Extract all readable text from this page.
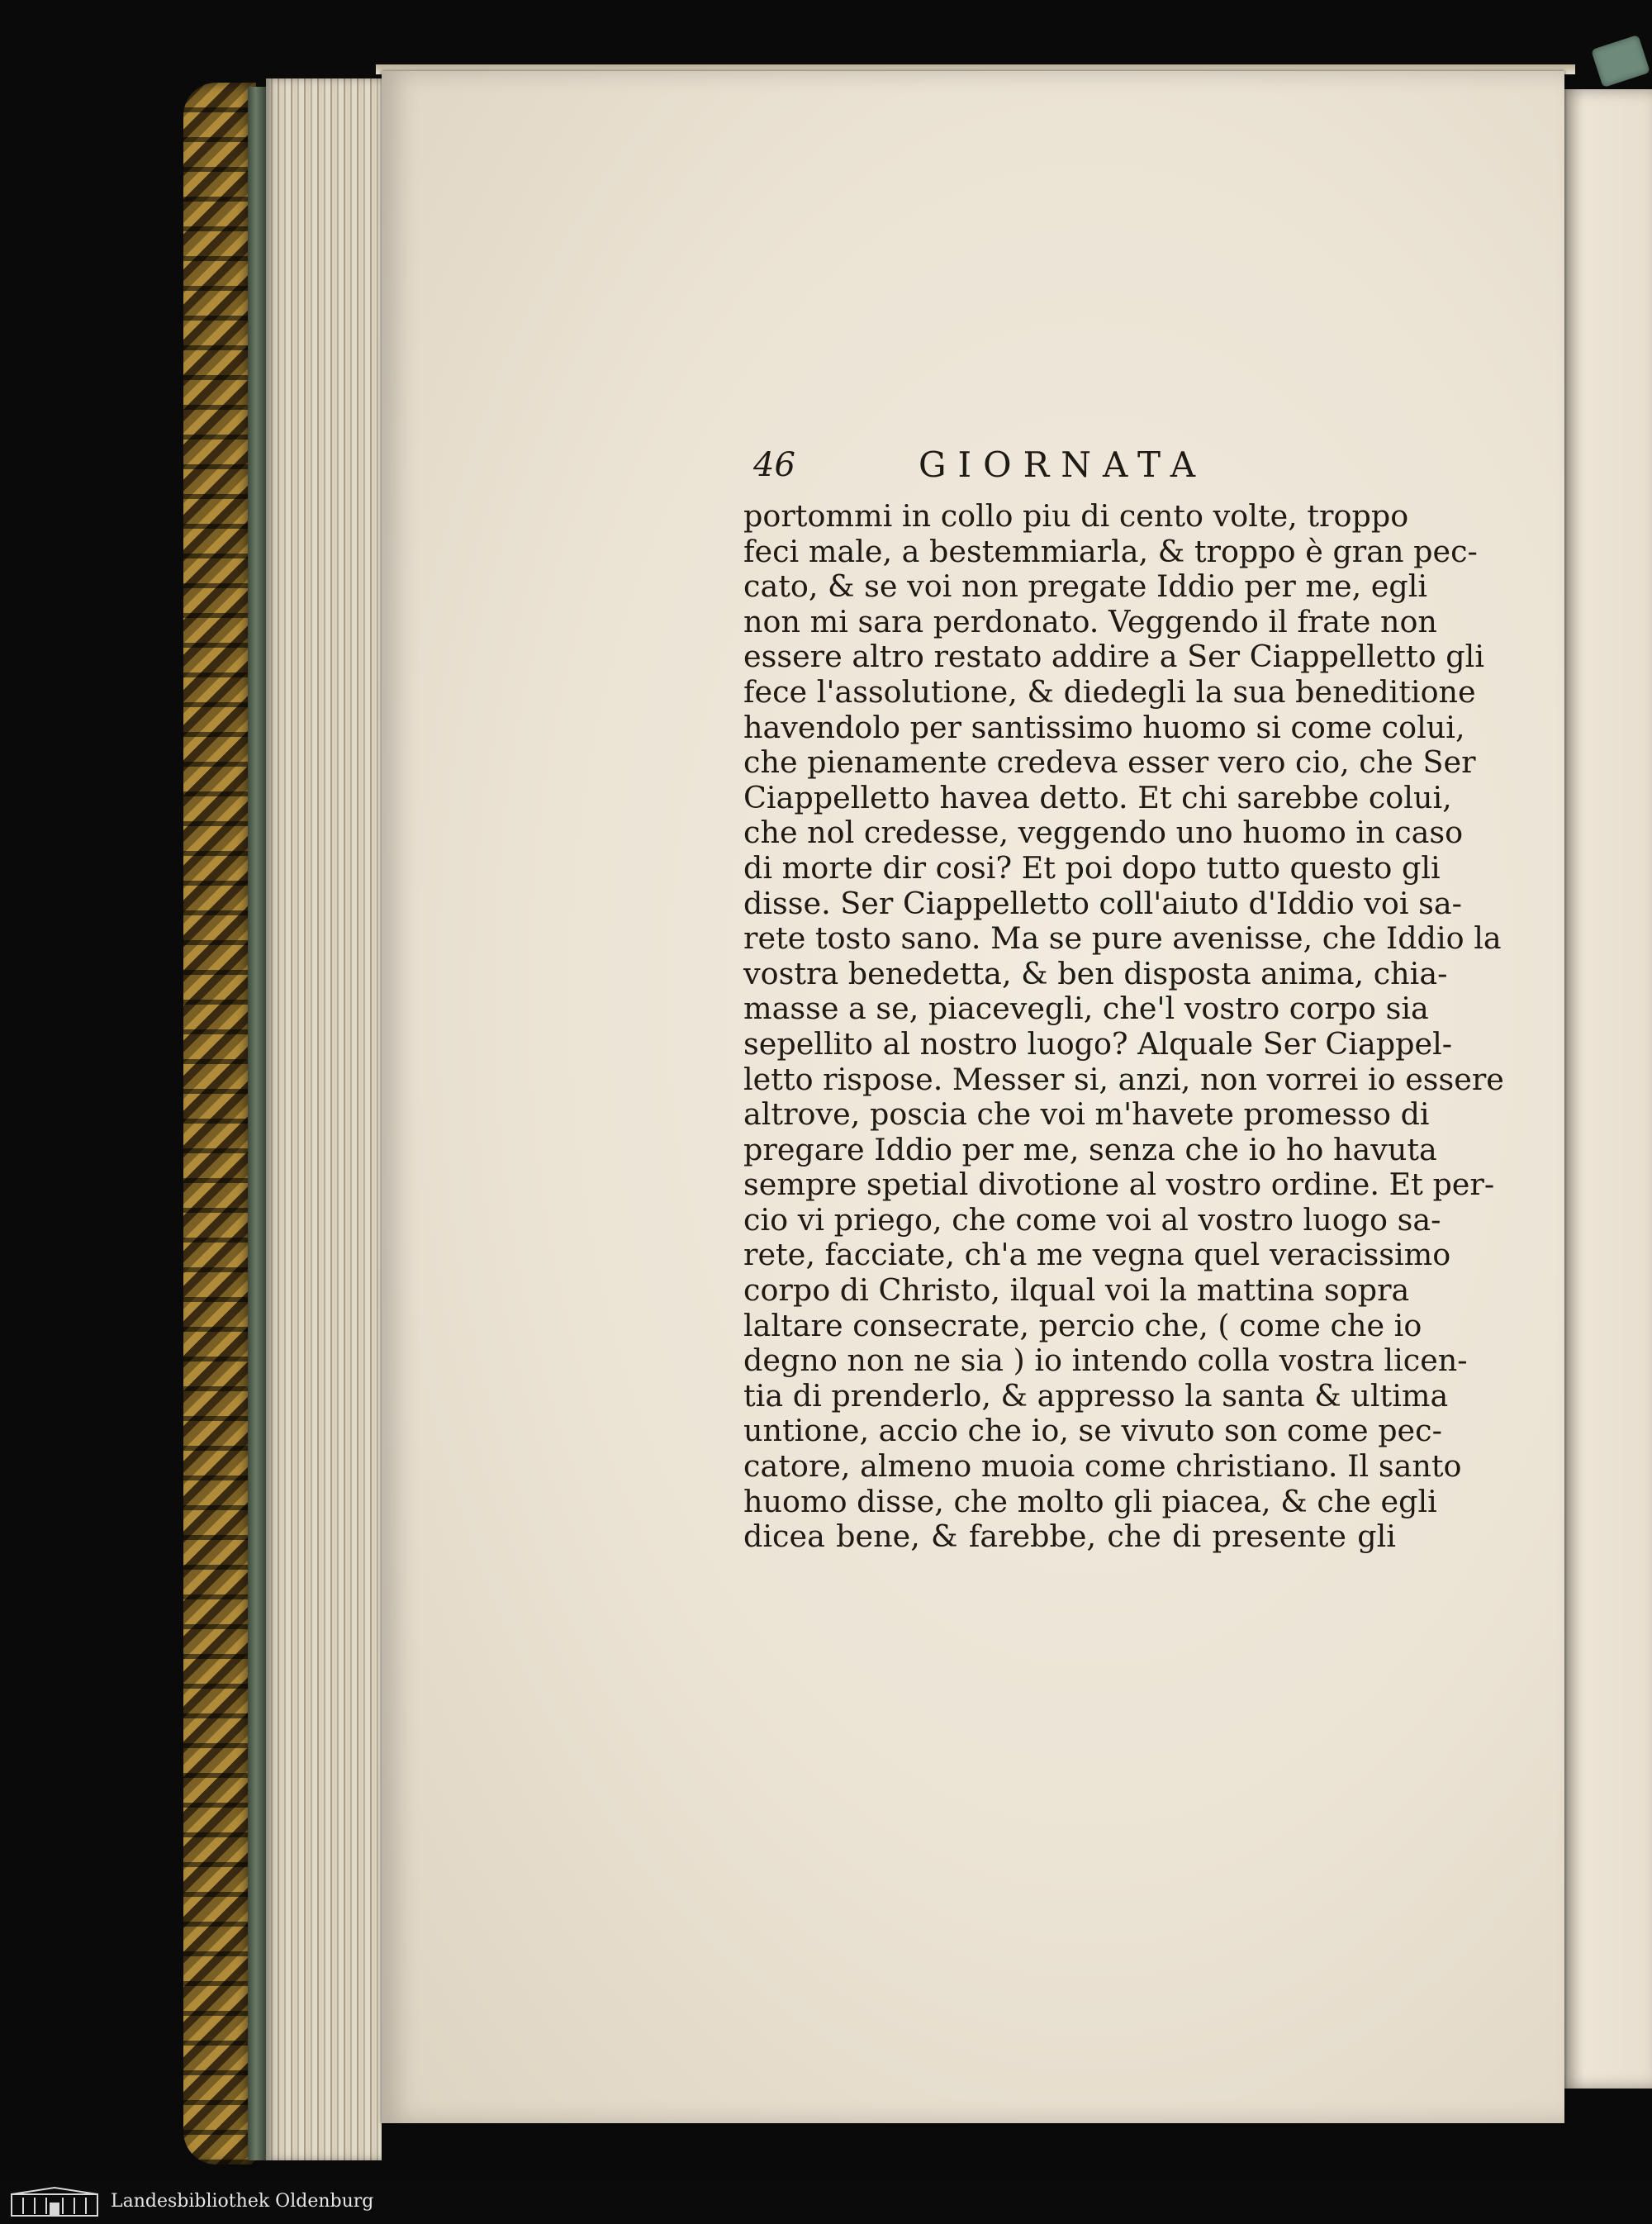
46	GIORNATA
portommi in collo piu di cento volte, troppo
feci male, a bestemmiarla, & troppo è gran pec-
cato, & se voi non pregate Iddio per me, egli
non mi sara perdonato. Veggendo il frate non
essere altro restato addire a Ser Ciappelletto gli
fece l'assolutione, & diedegli la sua beneditione
havendolo per santissimo huomo si come colui,
che pienamente credeva esser vero cio, che Ser
Ciappelletto havea detto. Et chi sarebbe colui,
che nol credesse, veggendo uno huomo in caso
di morte dir cosi? Et poi dopo tutto questo gli
disse. Ser Ciappelletto coll'aiuto d'Iddio voi sa-
rete tosto sano. Ma se pure avenisse, che Iddio la
vostra benedetta, & ben disposta anima, chia-
masse a se, piacevegli, che'l vostro corpo sia
sepellito al nostro luogo? Alquale Ser Ciappel-
letto rispose. Messer si, anzi, non vorrei io essere
altrove, poscia che voi m'havete promesso di
pregare Iddio per me, senza che io ho havuta
sempre spetial divotione al vostro ordine. Et per-
cio vi priego, che come voi al vostro luogo sa-
rete, facciate, ch'a me vegna quel veracissimo
corpo di Christo, ilqual voi la mattina sopra
laltare consecrate, percio che, ( come che io
degno non ne sia ) io intendo colla vostra licen-
tia di prenderlo, & appresso la santa & ultima
untione, accio che io, se vivuto son come pec-
catore, almeno muoia come christiano. Il santo
huomo disse, che molto gli piacea, & che egli
dicea bene, & farebbe, che di presente gli
Landesbibliothek Oldenburg
